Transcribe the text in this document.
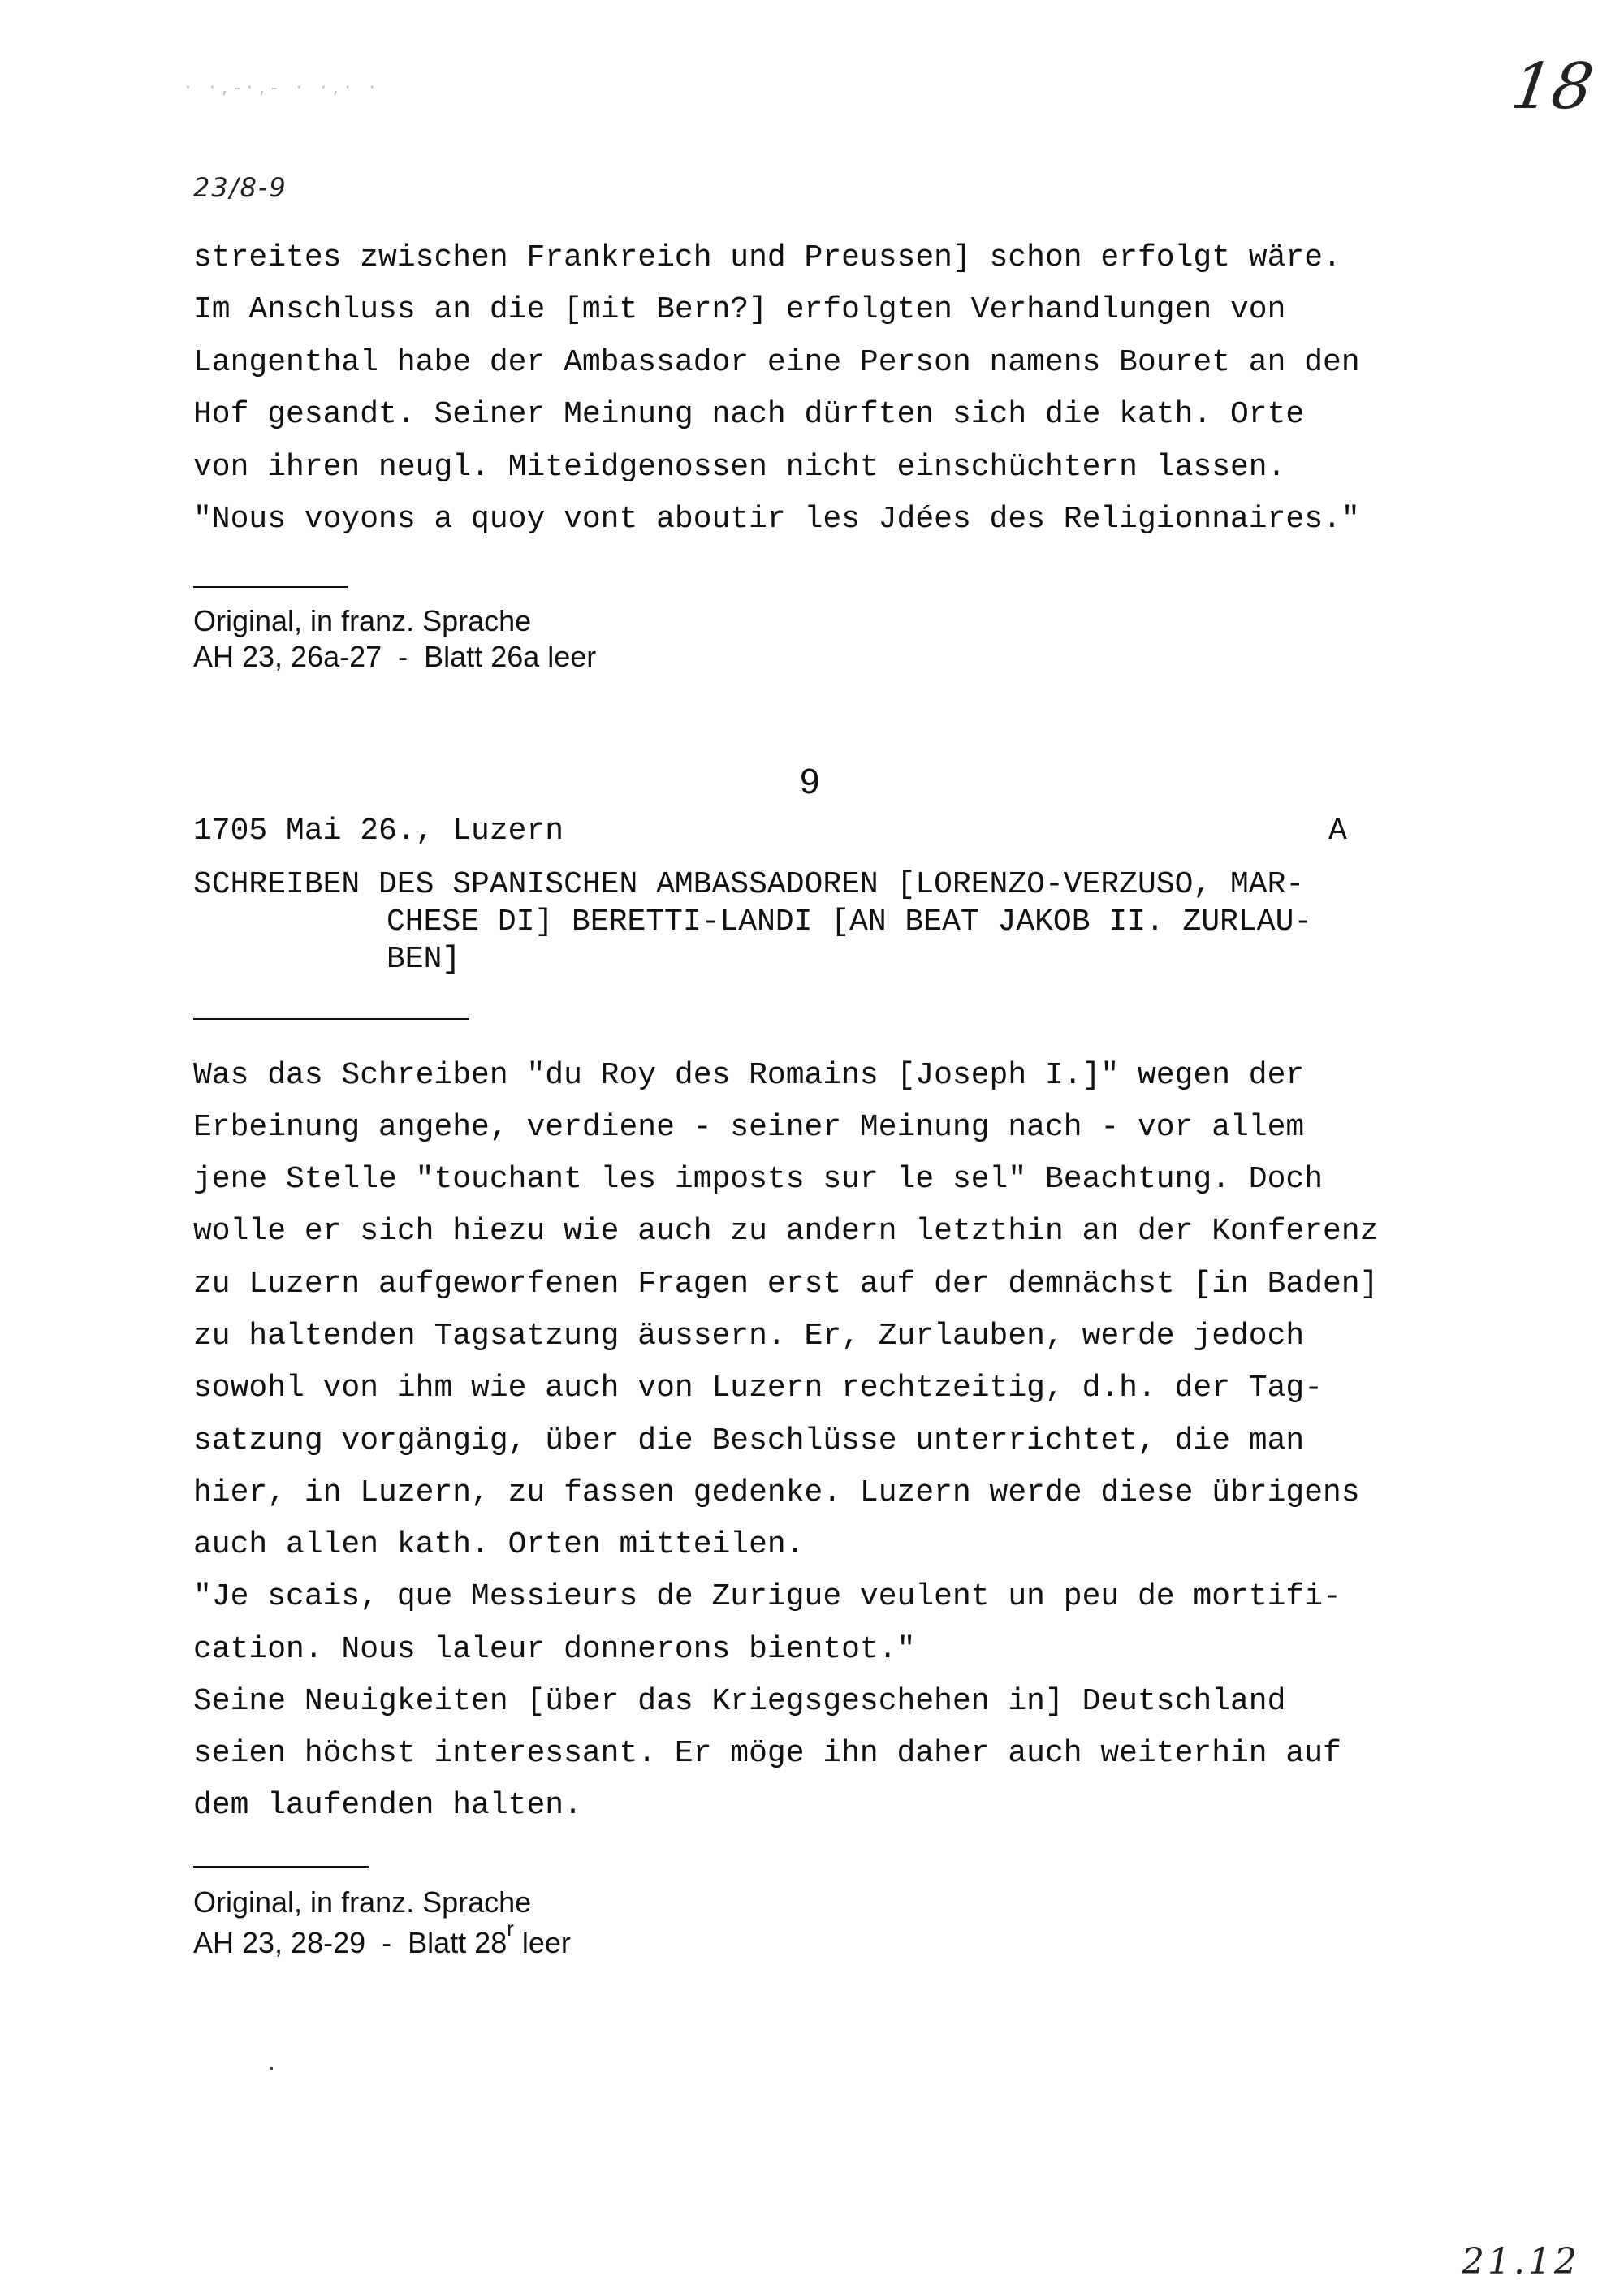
· ·,-·,- · ·,· ·	18
23/8-9
streites zwischen Frankreich und Preussen] schon erfolgt wäre.
Im Anschluss an die [mit Bern?] erfolgten Verhandlungen von
Langenthal habe der Ambassador eine Person namens Bouret an den
Hof gesandt. Seiner Meinung nach dürften sich die kath. Orte
von ihren neugl. Miteidgenossen nicht einschüchtern lassen.
"Nous voyons a quoy vont aboutir les Jdées des Religionnaires."
Original, in franz. Sprache
AH 23, 26a-27  -  Blatt 26a leer
9
1705 Mai 26., Luzern	A
SCHREIBEN DES SPANISCHEN AMBASSADOREN [LORENZO-VERZUSO, MAR-
CHESE DI] BERETTI-LANDI [AN BEAT JAKOB II. ZURLAU-
BEN]
Was das Schreiben "du Roy des Romains [Joseph I.]" wegen der
Erbeinung angehe, verdiene - seiner Meinung nach - vor allem
jene Stelle "touchant les imposts sur le sel" Beachtung. Doch
wolle er sich hiezu wie auch zu andern letzthin an der Konferenz
zu Luzern aufgeworfenen Fragen erst auf der demnächst [in Baden]
zu haltenden Tagsatzung äussern. Er, Zurlauben, werde jedoch
sowohl von ihm wie auch von Luzern rechtzeitig, d.h. der Tag-
satzung vorgängig, über die Beschlüsse unterrichtet, die man
hier, in Luzern, zu fassen gedenke. Luzern werde diese übrigens
auch allen kath. Orten mitteilen.
"Je scais, que Messieurs de Zurigue veulent un peu de mortifi-
cation. Nous laleur donnerons bientot."
Seine Neuigkeiten [über das Kriegsgeschehen in] Deutschland
seien höchst interessant. Er möge ihn daher auch weiterhin auf
dem laufenden halten.
Original, in franz. Sprache
AH 23, 28-29  -  Blatt 28$^r$ leer
21.12
